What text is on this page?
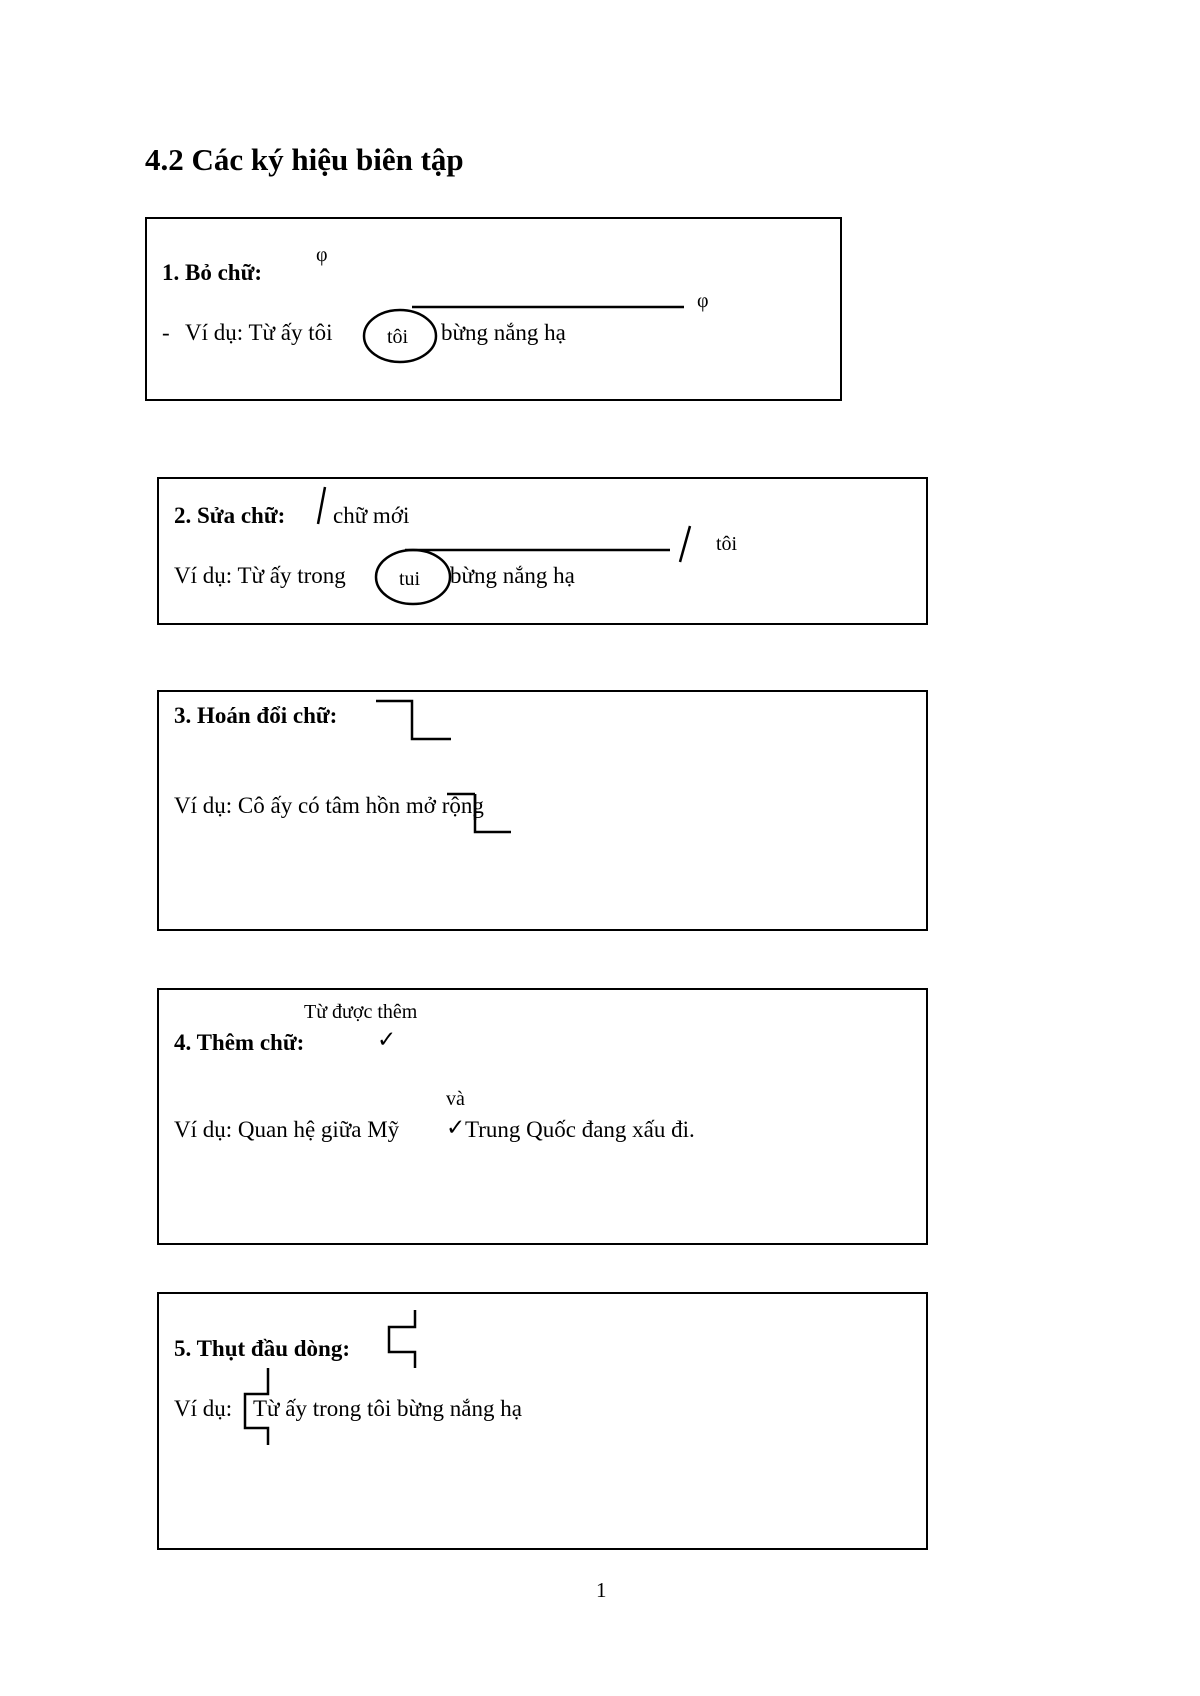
4.2 Các ký hiệu biên tập
1. Bỏ chữ:
φ
- Ví dụ: Từ ấy tôi	tôi bừng nắng hạ
φ
2. Sửa chữ: chữ mới
Ví dụ: Từ ấy trong	tui bừng nắng hạ
tôi
3. Hoán đổi chữ:
Ví dụ: Cô ấy có tâm hồn mở rộng
Từ được thêm
4. Thêm chữ:	✓
và
Ví dụ: Quan hệ giữa Mỹ ✓ Trung Quốc đang xấu đi.
5. Thụt đầu dòng:
Ví dụ: Từ ấy trong tôi bừng nắng hạ
1
